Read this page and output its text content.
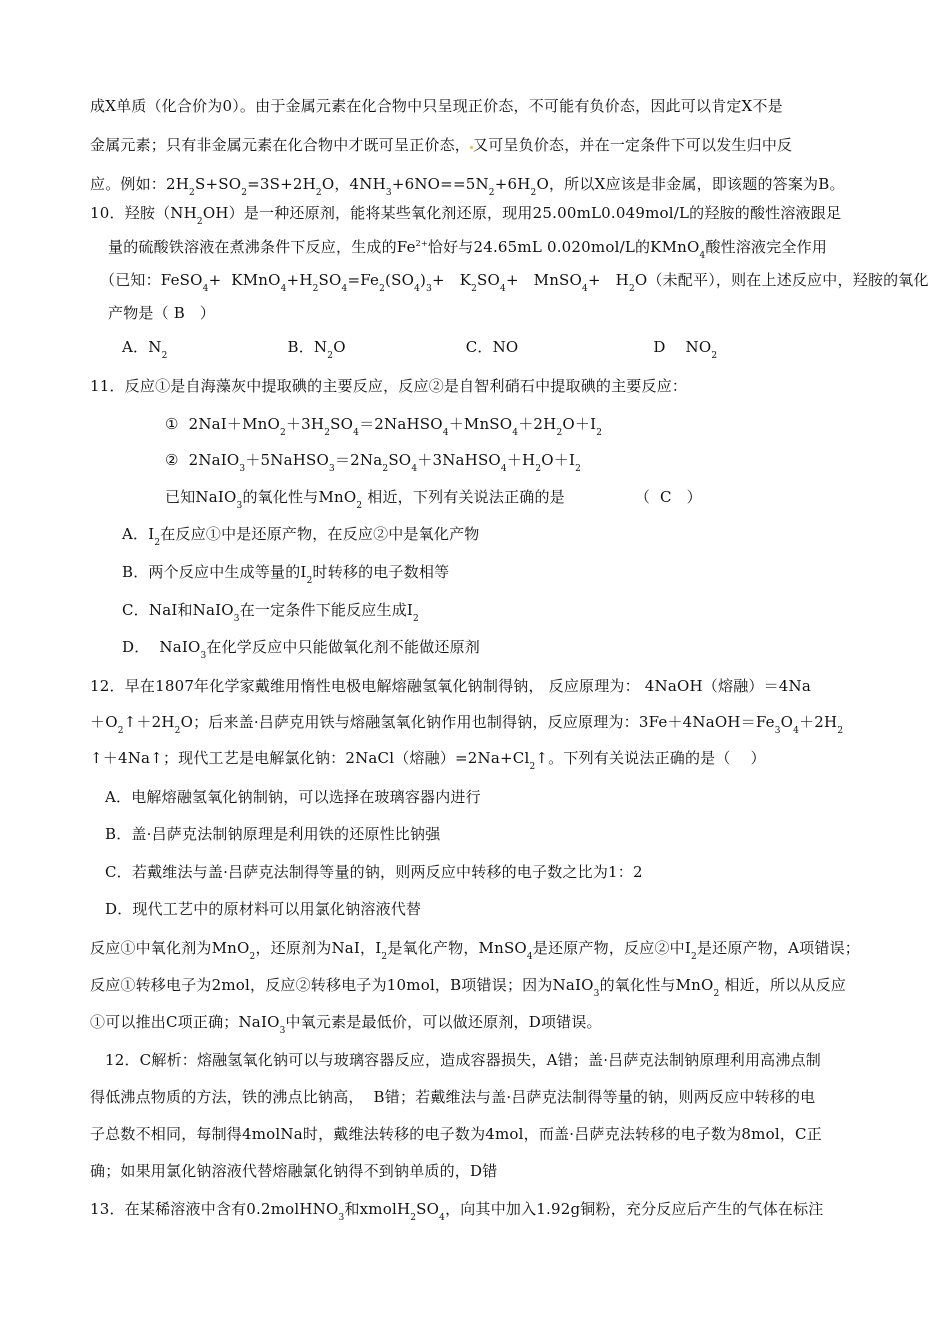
成X单质（化合价为0）。由于金属元素在化合物中只呈现正价态，不可能有负价态，因此可以肯定X不是
金属元素；只有非金属元素在化合物中才既可呈正价态， 又可呈负价态，并在一定条件下可以发生归中反
应。例如：$2H_2S+SO_2=3S+2H_2O$，$4NH_3+6NO==5N_2+6H_2O$，所以X应该是非金属，即该题的答案为B。
10．羟胺$(NH_2OH)$是一种还原剂，能将某些氧化剂还原，现用25.00mL0.049mol/L的羟胺的酸性溶液跟足
量的硫酸铁溶液在煮沸条件下反应，生成的$Fe^{2+}$恰好与24.65mL 0.020mol/L的KMnO$_4$酸性溶液完全作用
（已知：FeSO$_4$+  $KMnO_4+H_2SO_4=Fe_2(SO_4)_3+ K_2SO_4+$   MnSO$_4$+   $H_2O$（未配平），则在上述反应中，羟胺的氧化
产物是（ B   ）
A．$N_2$	B．$N_2O$	C．NO	D    $NO_2$
11．反应①是自海藻灰中提取碘的主要反应，反应②是自智利硝石中提取碘的主要反应：
①  $2NaI+MnO_2+3H_2SO_4=2NaHSO_4+MnSO_4+2H_2O+I_2$
②  $2NaIO_3+5NaHSO_3=2Na_2SO_4+3NaHSO_4+H_2O+I_2$
已知NaIO$_3$的氧化性与MnO$_2$ 相近，下列有关说法正确的是	（  C   ）
A．$I_2$在反应①中是还原产物，在反应②中是氧化产物
B．两个反应中生成等量的$I_2$时转移的电子数相等
C．NaI和NaIO$_3$在一定条件下能反应生成$I_2$
D．  NaIO$_3$在化学反应中只能做氧化剂不能做还原剂
12．早在1807年化学家戴维用惰性电极电解熔融氢氧化钠制得钠， 反应原理为： 4NaOH（熔融）＝4Na
$+O_2↑+2H_2O$；后来盖·吕萨克用铁与熔融氢氧化钠作用也制得钠，反应原理为：$3Fe+4NaOH=Fe_3O_4+2H_2$
↑＋4Na↑；现代工艺是电解氯化钠：2NaCl（熔融）$=2Na+Cl_2↑$。下列有关说法正确的是（    ）
A．电解熔融氢氧化钠制钠，可以选择在玻璃容器内进行
B．盖·吕萨克法制钠原理是利用铁的还原性比钠强
C．若戴维法与盖·吕萨克法制得等量的钠，则两反应中转移的电子数之比为1：2
D．现代工艺中的原材料可以用氯化钠溶液代替
反应①中氧化剂为MnO$_2$，还原剂为NaI，$I_2$是氧化产物，MnSO$_4$是还原产物，反应②中$I_2$是还原产物，A项错误；
反应①转移电子为2mol，反应②转移电子为10mol，B项错误；因为NaIO$_3$的氧化性与MnO$_2$ 相近，所以从反应
①可以推出C项正确；NaIO$_3$中氧元素是最低价，可以做还原剂，D项错误。
12．C解析：熔融氢氧化钠可以与玻璃容器反应，造成容器损失，A错；盖·吕萨克法制钠原理利用高沸点制
得低沸点物质的方法，铁的沸点比钠高，  B错；若戴维法与盖·吕萨克法制得等量的钠，则两反应中转移的电
子总数不相同，每制得4molNa时，戴维法转移的电子数为4mol，而盖·吕萨克法转移的电子数为8mol，C正
确；如果用氯化钠溶液代替熔融氯化钠得不到钠单质的，D错
13．在某稀溶液中含有0.2molHNO$_3$和$xmolH_2SO_4$，向其中加入1.92g铜粉，充分反应后产生的气体在标注
